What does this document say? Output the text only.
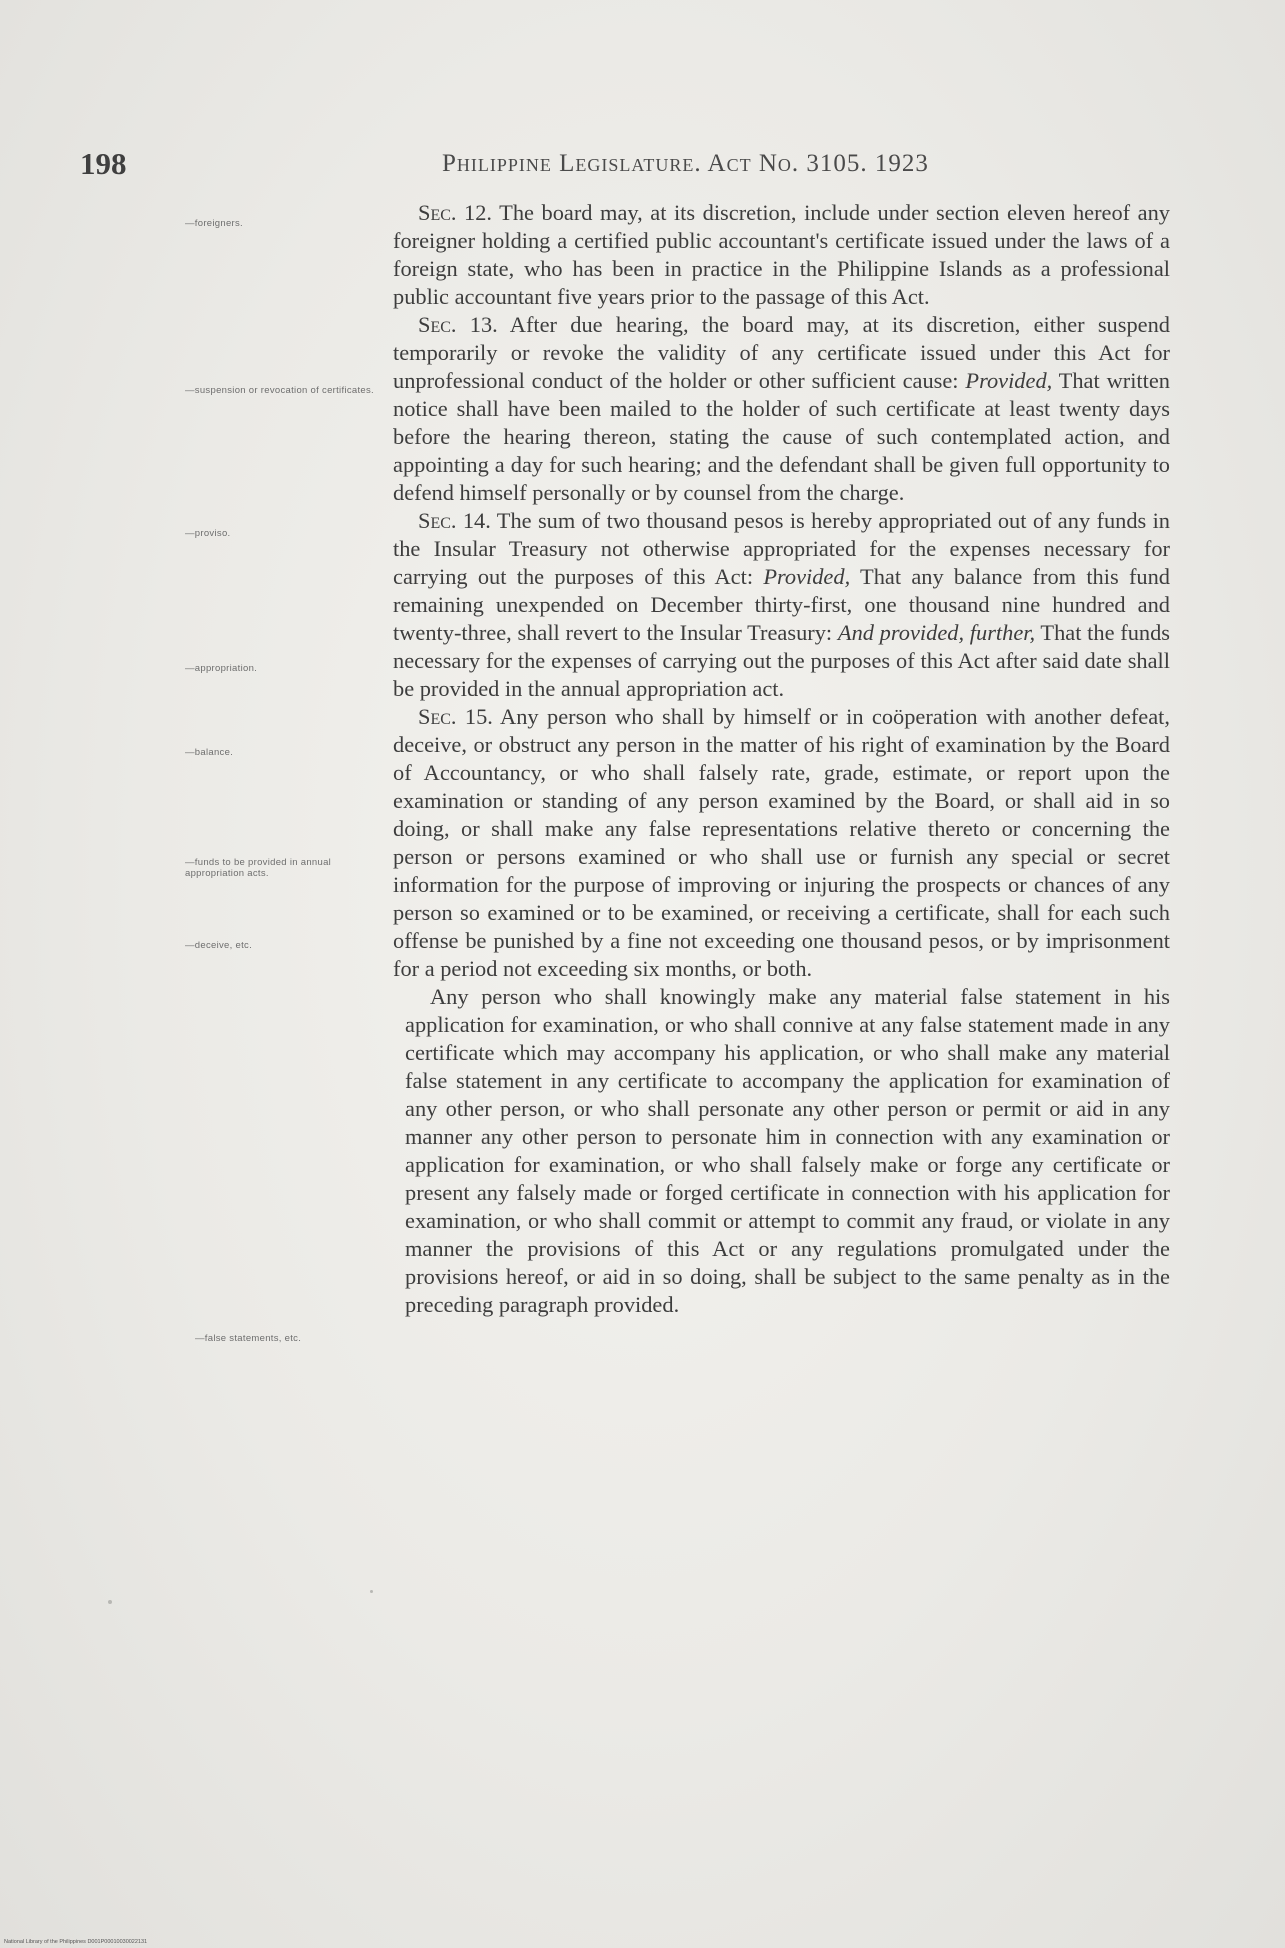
198	Philippine Legislature. Act No. 3105. 1923
—foreigners.
—suspension or revocation of certificates.
—proviso.
—appropriation.
—balance.
—funds to be provided in annual appropriation acts.
—deceive, etc.
—false statements, etc.

Sec. 12. The board may, at its discretion, include under section eleven hereof any foreigner holding a certified public accountant's certificate issued under the laws of a foreign state, who has been in practice in the Philippine Islands as a professional public accountant five years prior to the passage of this Act.

Sec. 13. After due hearing, the board may, at its discretion, either suspend temporarily or revoke the validity of any certificate issued under this Act for unprofessional conduct of the holder or other sufficient cause: Provided, That written notice shall have been mailed to the holder of such certificate at least twenty days before the hearing thereon, stating the cause of such contemplated action, and appointing a day for such hearing; and the defendant shall be given full opportunity to defend himself personally or by counsel from the charge.

Sec. 14. The sum of two thousand pesos is hereby appropriated out of any funds in the Insular Treasury not otherwise appropriated for the expenses necessary for carrying out the purposes of this Act: Provided, That any balance from this fund remaining unexpended on December thirty-first, one thousand nine hundred and twenty-three, shall revert to the Insular Treasury: And provided, further, That the funds necessary for the expenses of carrying out the purposes of this Act after said date shall be provided in the annual appropriation act.

Sec. 15. Any person who shall by himself or in coöperation with another defeat, deceive, or obstruct any person in the matter of his right of examination by the Board of Accountancy, or who shall falsely rate, grade, estimate, or report upon the examination or standing of any person examined by the Board, or shall aid in so doing, or shall make any false representations relative thereto or concerning the person or persons examined or who shall use or furnish any special or secret information for the purpose of improving or injuring the prospects or chances of any person so examined or to be examined, or receiving a certificate, shall for each such offense be punished by a fine not exceeding one thousand pesos, or by imprisonment for a period not exceeding six months, or both.

Any person who shall knowingly make any material false statement in his application for examination, or who shall connive at any false statement made in any certificate which may accompany his application, or who shall make any material false statement in any certificate to accompany the application for examination of any other person, or who shall personate any other person or permit or aid in any manner any other person to personate him in connection with any examination or application for examination, or who shall falsely make or forge any certificate or present any falsely made or forged certificate in connection with his application for examination, or who shall commit or attempt to commit any fraud, or violate in any manner the provisions of this Act or any regulations promulgated under the provisions hereof, or aid in so doing, shall be subject to the same penalty as in the preceding paragraph provided.

National Library of the Philippines D001P00010030022131
